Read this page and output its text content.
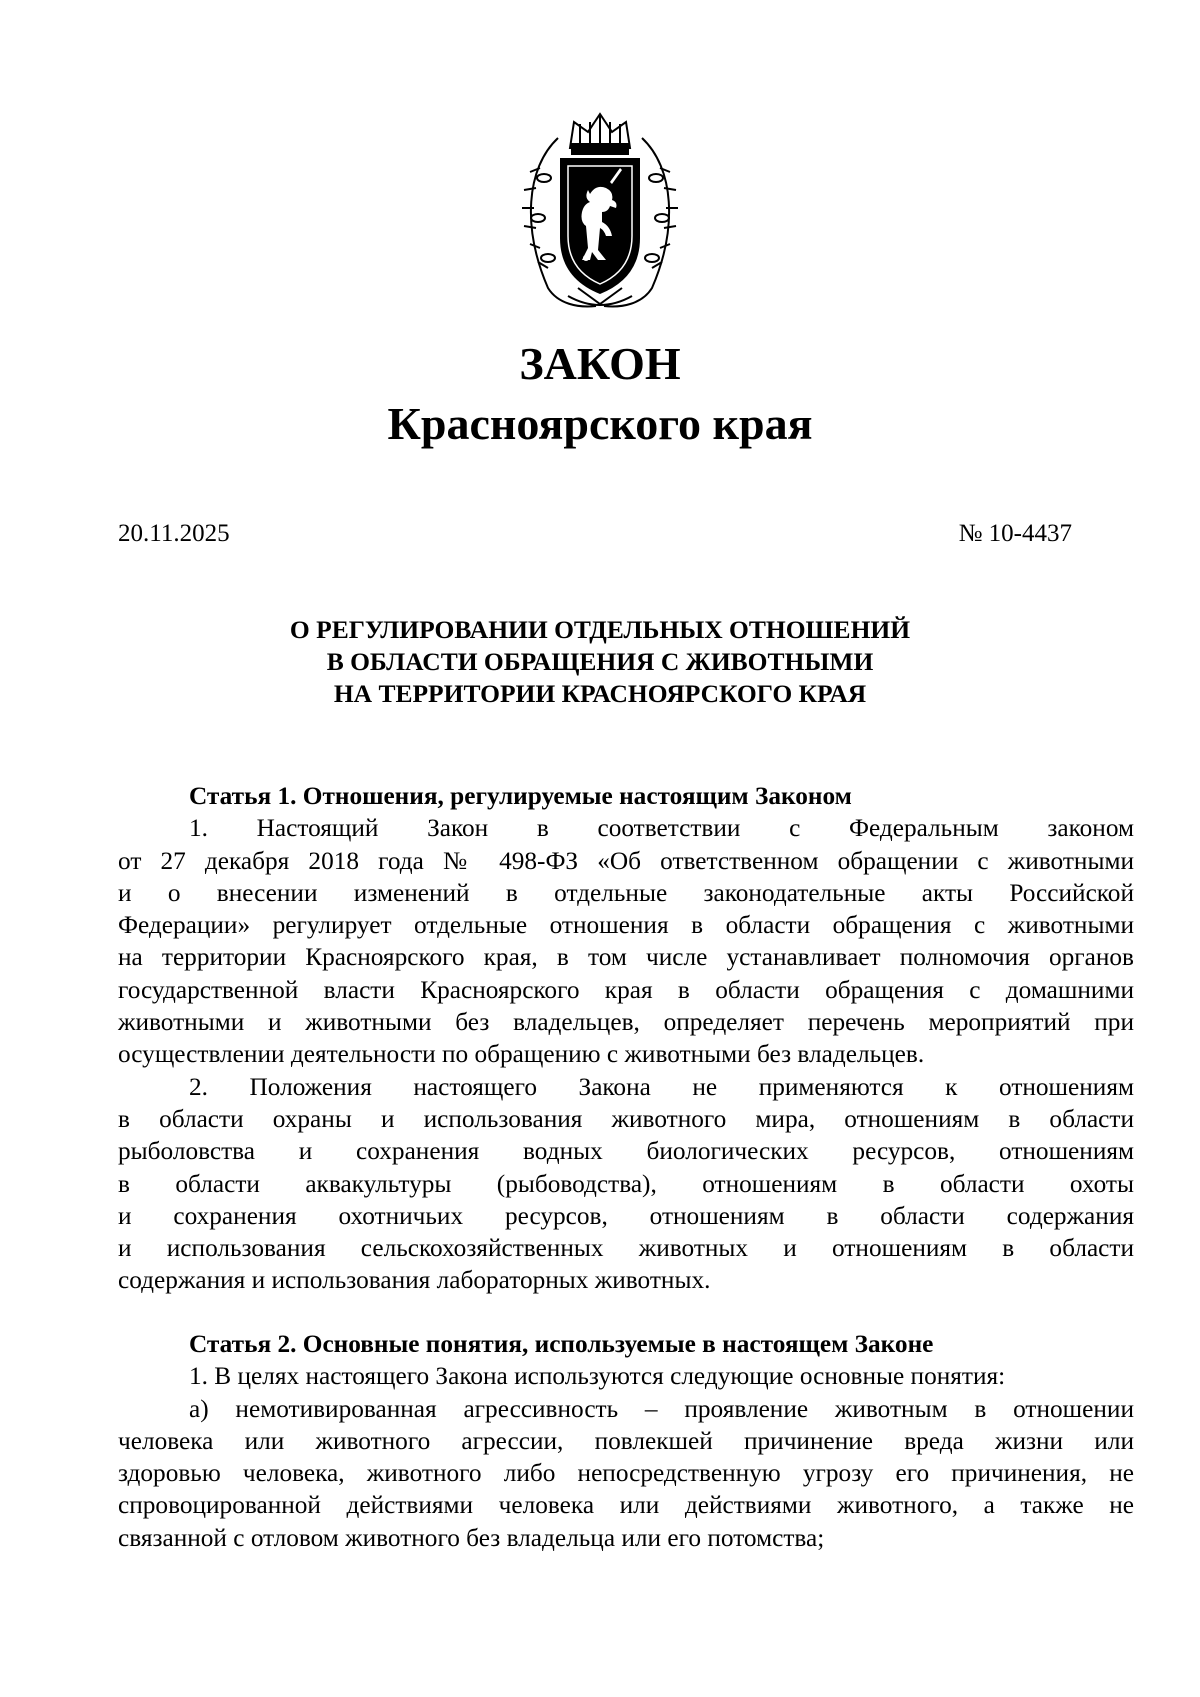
ЗАКОН
Красноярского края
20.11.2025	№ 10-4437
О РЕГУЛИРОВАНИИ ОТДЕЛЬНЫХ ОТНОШЕНИЙ
В ОБЛАСТИ ОБРАЩЕНИЯ С ЖИВОТНЫМИ
НА ТЕРРИТОРИИ КРАСНОЯРСКОГО КРАЯ
Статья 1. Отношения, регулируемые настоящим Законом
1. Настоящий Закон в соответствии с Федеральным законом
от 27 декабря 2018 года № 498-ФЗ «Об ответственном обращении с животными
и о внесении изменений в отдельные законодательные акты Российской
Федерации» регулирует отдельные отношения в области обращения с животными
на территории Красноярского края, в том числе устанавливает полномочия органов
государственной власти Красноярского края в области обращения с домашними
животными и животными без владельцев, определяет перечень мероприятий при
осуществлении деятельности по обращению с животными без владельцев.
2. Положения настоящего Закона не применяются к отношениям
в области охраны и использования животного мира, отношениям в области
рыболовства и сохранения водных биологических ресурсов, отношениям
в области аквакультуры (рыбоводства), отношениям в области охоты
и сохранения охотничьих ресурсов, отношениям в области содержания
и использования сельскохозяйственных животных и отношениям в области
содержания и использования лабораторных животных.
Статья 2. Основные понятия, используемые в настоящем Законе
1. В целях настоящего Закона используются следующие основные понятия:
а) немотивированная агрессивность – проявление животным в отношении
человека или животного агрессии, повлекшей причинение вреда жизни или
здоровью человека, животного либо непосредственную угрозу его причинения, не
спровоцированной действиями человека или действиями животного, а также не
связанной с отловом животного без владельца или его потомства;
